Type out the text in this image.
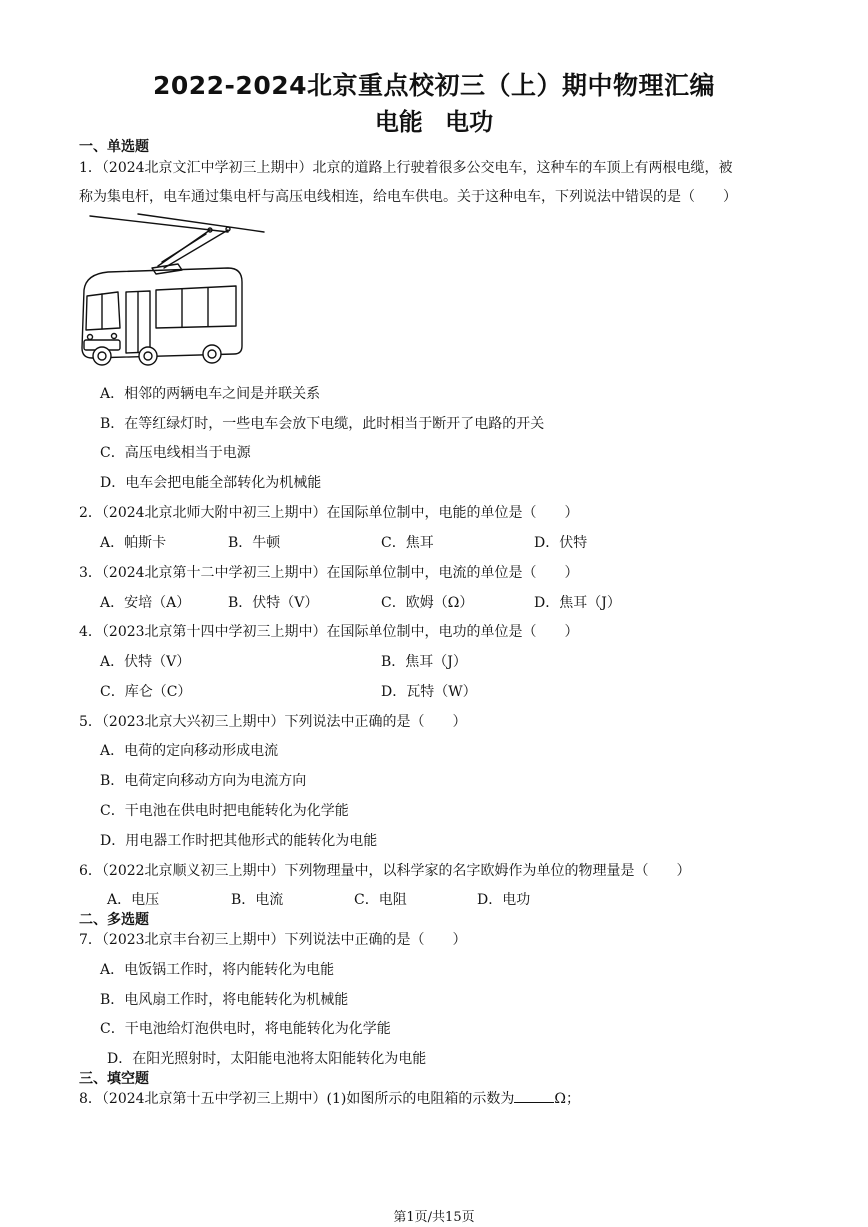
2022-2024北京重点校初三（上）期中物理汇编
电能 电功
一、单选题
1．（2024北京文汇中学初三上期中）北京的道路上行驶着很多公交电车，这种车的车顶上有两根电缆，被
称为集电杆，电车通过集电杆与高压电线相连，给电车供电。关于这种电车，下列说法中错误的是（　　）
A．相邻的两辆电车之间是并联关系
B．在等红绿灯时，一些电车会放下电缆，此时相当于断开了电路的开关
C．高压电线相当于电源
D．电车会把电能全部转化为机械能
2．（2024北京北师大附中初三上期中）在国际单位制中，电能的单位是（　　）
A．帕斯卡	B．牛顿	C．焦耳	D．伏特
3．（2024北京第十二中学初三上期中）在国际单位制中，电流的单位是（　　）
A．安培（A）	B．伏特（V）	C．欧姆（Ω）	D．焦耳（J）
4．（2023北京第十四中学初三上期中）在国际单位制中，电功的单位是（　　）
A．伏特（V）	B．焦耳（J）
C．库仑（C）	D．瓦特（W）
5．（2023北京大兴初三上期中）下列说法中正确的是（　　）
A．电荷的定向移动形成电流
B．电荷定向移动方向为电流方向
C．干电池在供电时把电能转化为化学能
D．用电器工作时把其他形式的能转化为电能
6．（2022北京顺义初三上期中）下列物理量中，以科学家的名字欧姆作为单位的物理量是（　　）
A．电压	B．电流	C．电阻	D．电功
二、多选题
7．（2023北京丰台初三上期中）下列说法中正确的是（　　）
A．电饭锅工作时，将内能转化为电能
B．电风扇工作时，将电能转化为机械能
C．干电池给灯泡供电时，将电能转化为化学能
D．在阳光照射时，太阳能电池将太阳能转化为电能
三、填空题
8．（2024北京第十五中学初三上期中）(1)如图所示的电阻箱的示数为	Ω；
第1页/共15页
